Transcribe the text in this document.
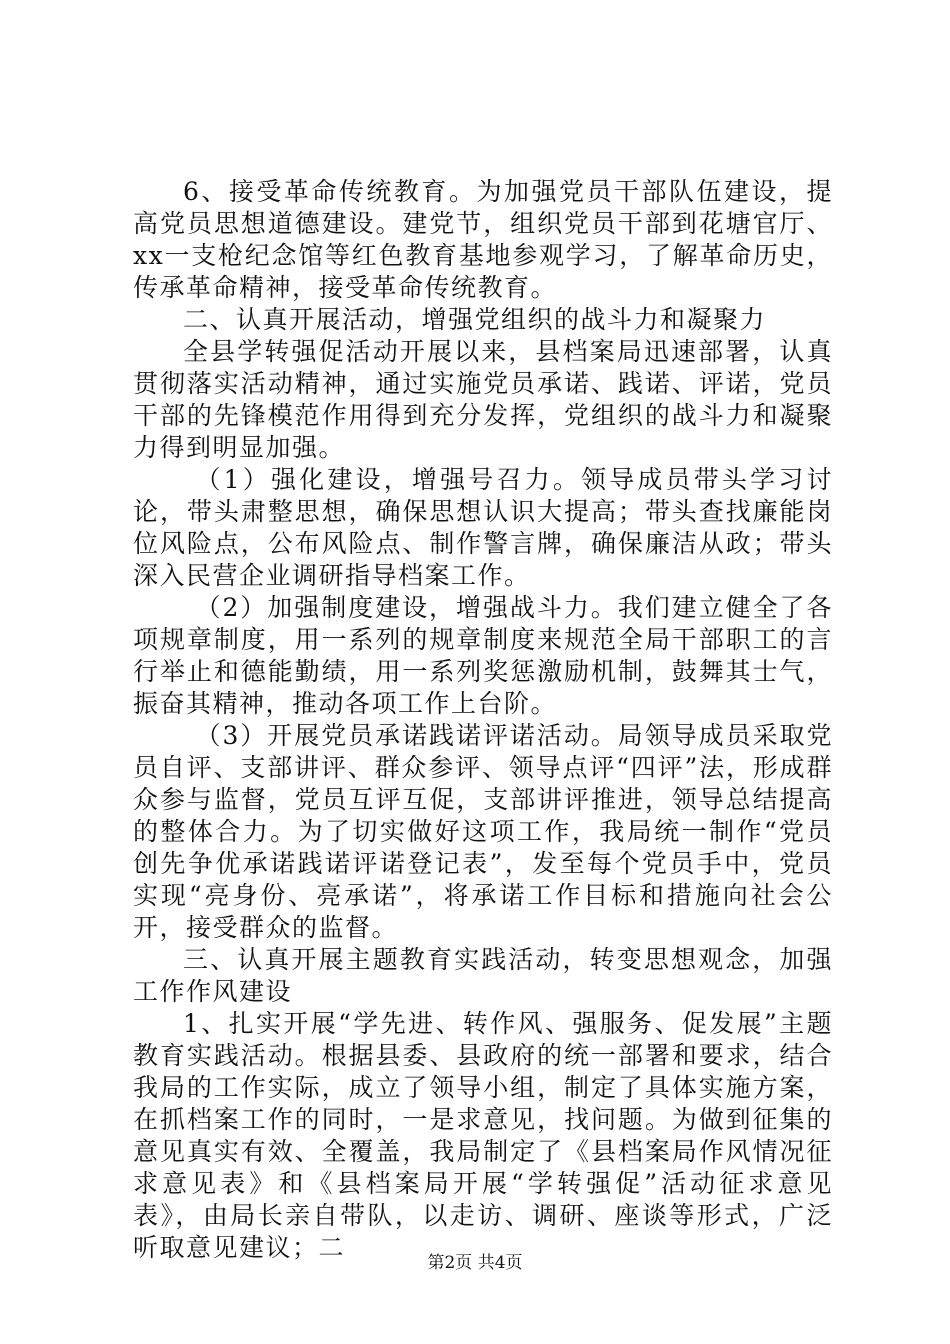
6、接受革命传统教育。为加强党员干部队伍建设，提高党员思想道德建设。建党节，组织党员干部到花塘官厅、xx一支枪纪念馆等红色教育基地参观学习，了解革命历史，传承革命精神，接受革命传统教育。

二、认真开展活动，增强党组织的战斗力和凝聚力

全县学转强促活动开展以来，县档案局迅速部署，认真贯彻落实活动精神，通过实施党员承诺、践诺、评诺，党员干部的先锋模范作用得到充分发挥，党组织的战斗力和凝聚力得到明显加强。

（1）强化建设，增强号召力。领导成员带头学习讨论，带头肃整思想，确保思想认识大提高；带头查找廉能岗位风险点，公布风险点、制作警言牌，确保廉洁从政；带头深入民营企业调研指导档案工作。

（2）加强制度建设，增强战斗力。我们建立健全了各项规章制度，用一系列的规章制度来规范全局干部职工的言行举止和德能勤绩，用一系列奖惩激励机制，鼓舞其士气，振奋其精神，推动各项工作上台阶。

（3）开展党员承诺践诺评诺活动。局领导成员采取党员自评、支部讲评、群众参评、领导点评“四评”法，形成群众参与监督，党员互评互促，支部讲评推进，领导总结提高的整体合力。为了切实做好这项工作，我局统一制作“党员创先争优承诺践诺评诺登记表”，发至每个党员手中，党员实现“亮身份、亮承诺”，将承诺工作目标和措施向社会公开，接受群众的监督。

三、认真开展主题教育实践活动，转变思想观念，加强工作作风建设

1、扎实开展“学先进、转作风、强服务、促发展”主题教育实践活动。根据县委、县政府的统一部署和要求，结合我局的工作实际，成立了领导小组，制定了具体实施方案，在抓档案工作的同时，一是求意见，找问题。为做到征集的意见真实有效、全覆盖，我局制定了《县档案局作风情况征求意见表》和《县档案局开展“学转强促”活动征求意见表》，由局长亲自带队，以走访、调研、座谈等形式，广泛听取意见建议；二

第2页 共4页
